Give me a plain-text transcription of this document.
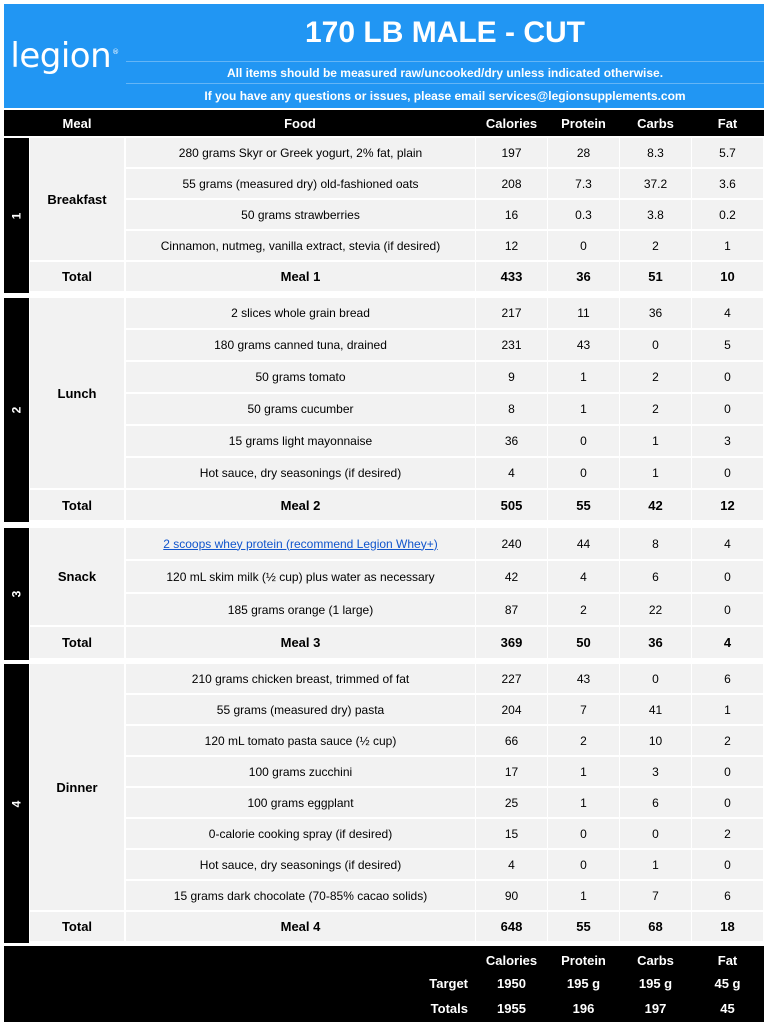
legion®
170 LB MALE - CUT
All items should be measured raw/uncooked/dry unless indicated otherwise.
If you have any questions or issues, please email services@legionsupplements.com
Meal	Food	Calories	Protein	Carbs	Fat
1
Breakfast
280 grams Skyr or Greek yogurt, 2% fat, plain	197	28	8.3	5.7
55 grams (measured dry) old-fashioned oats	208	7.3	37.2	3.6
50 grams strawberries	16	0.3	3.8	0.2
Cinnamon, nutmeg, vanilla extract, stevia (if desired)	12	0	2	1
Total	Meal 1	433	36	51	10
2
Lunch
2 slices whole grain bread	217	11	36	4
180 grams canned tuna, drained	231	43	0	5
50 grams tomato	9	1	2	0
50 grams cucumber	8	1	2	0
15 grams light mayonnaise	36	0	1	3
Hot sauce, dry seasonings (if desired)	4	0	1	0
Total	Meal 2	505	55	42	12
3
Snack
2 scoops whey protein (recommend Legion Whey+)	240	44	8	4
120 mL skim milk (½ cup) plus water as necessary	42	4	6	0
185 grams orange (1 large)	87	2	22	0
Total	Meal 3	369	50	36	4
4
Dinner
210 grams chicken breast, trimmed of fat	227	43	0	6
55 grams (measured dry) pasta	204	7	41	1
120 mL tomato pasta sauce (½ cup)	66	2	10	2
100 grams zucchini	17	1	3	0
100 grams eggplant	25	1	6	0
0-calorie cooking spray (if desired)	15	0	0	2
Hot sauce, dry seasonings (if desired)	4	0	1	0
15 grams dark chocolate (70-85% cacao solids)	90	1	7	6
Total	Meal 4	648	55	68	18
Calories	Protein	Carbs	Fat
Target	1950	195 g	195 g	45 g
Totals	1955	196	197	45
